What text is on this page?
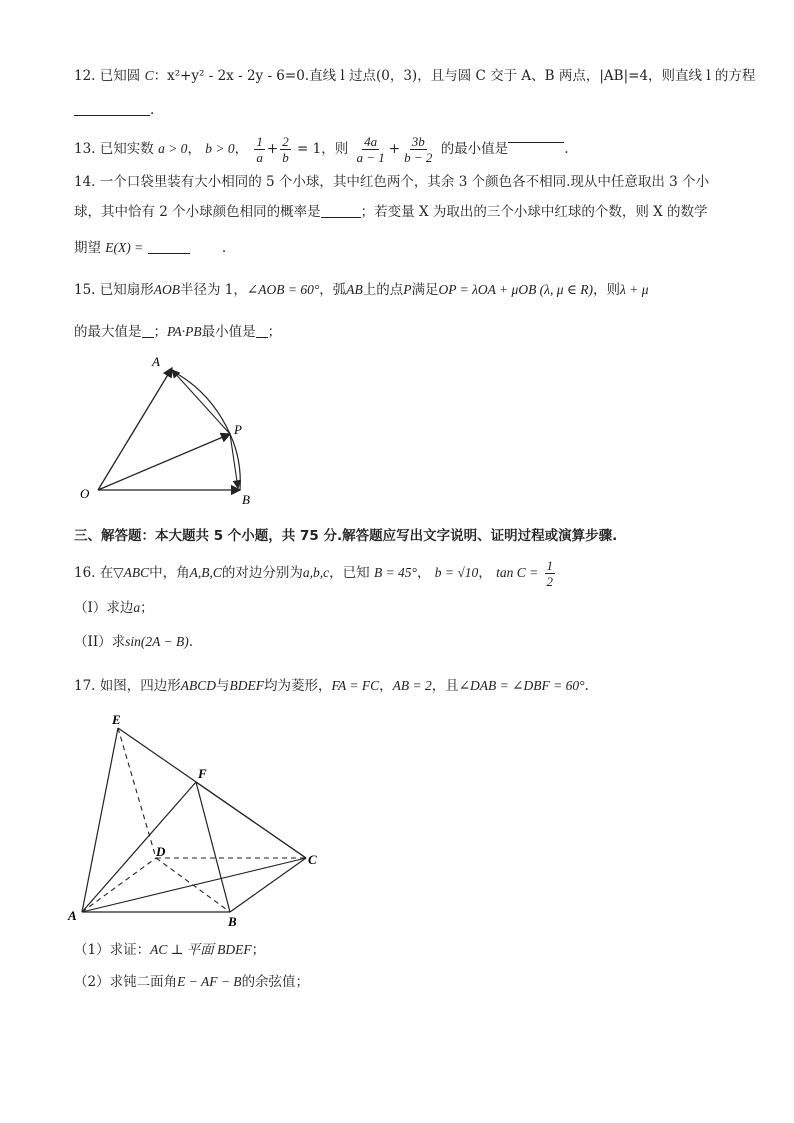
12. 已知圆 C：x²+y² - 2x - 2y - 6=0.直线 l 过点(0，3)，且与圆 C 交于 A、B 两点，|AB|=4，则直线 l 的方程
.
13. 已知实数 a > 0， b > 0， $\frac{1}{a} + \frac{2}{b} = 1$，则 $\frac{4a}{a - 1} + \frac{3b}{b - 2}$ 的最小值是	.
14. 一个口袋里装有大小相同的 5 个小球，其中红色两个，其余 3 个颜色各不相同.现从中任意取出 3 个小
球，其中恰有 2 个小球颜色相同的概率是	；若变量 X 为取出的三个小球中红球的个数，则 X 的数学
期望 E(X) =	.
15. 已知扇形AOB半径为 1，∠AOB = 60°，弧AB上的点P满足OP = λOA + μOB (λ, μ ∈ R)，则λ + μ
的最大值是 ；PA·PB最小值是 ；
A
P
O	B
三、解答题：本大题共 5 个小题，共 75 分.解答题应写出文字说明、证明过程或演算步骤.
16. 在▽ABC中，角A,B,C的对边分别为a,b,c，已知 B = 45°， b = √10， $\tan C = \frac{1}{2}$
（I）求边a；
（II）求sin(2A − B).
17. 如图，四边形ABCD与BDEF均为菱形，FA = FC，AB = 2，且∠DAB = ∠DBF = 60°.
E
F
D
C
A	B
（1）求证：AC ⊥ 平面 BDEF；
（2）求钝二面角E − AF − B的余弦值；
